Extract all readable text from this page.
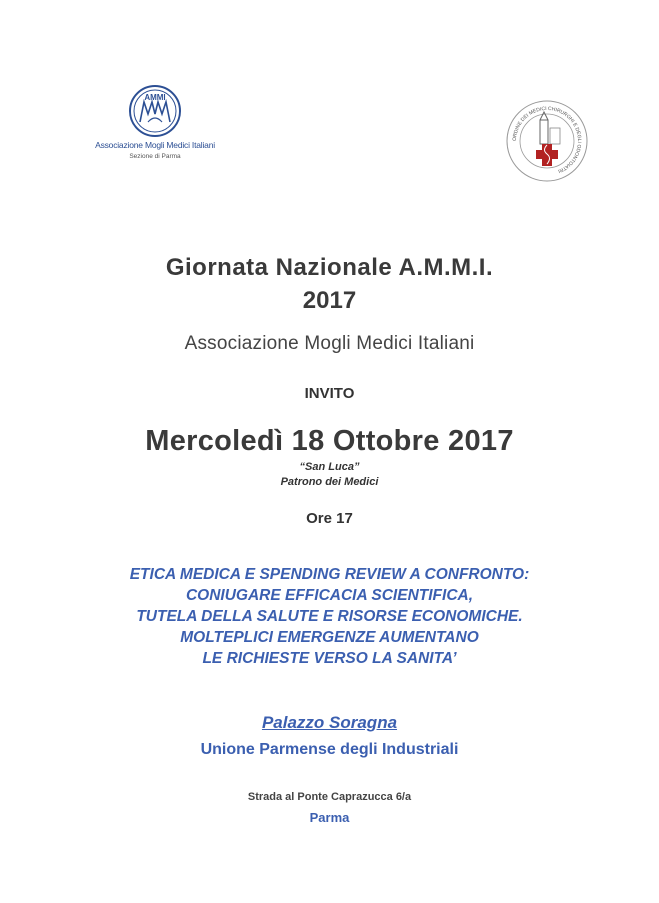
AMMI
Associazione Mogli Medici Italiani
Sezione di Parma
ORDINE DEI MEDICI CHIRURGHI E DEGLI ODONTOIATRI
Giornata Nazionale A.M.M.I.
2017
Associazione Mogli Medici Italiani
INVITO
Mercoledì 18 Ottobre 2017
“San Luca”
Patrono dei Medici
Ore 17
ETICA MEDICA E SPENDING REVIEW A CONFRONTO:
CONIUGARE EFFICACIA SCIENTIFICA,
TUTELA DELLA SALUTE E RISORSE ECONOMICHE.
MOLTEPLICI EMERGENZE AUMENTANO
LE RICHIESTE VERSO LA SANITA’
Palazzo Soragna
Unione Parmense degli Industriali
Strada al Ponte Caprazucca 6/a
Parma
